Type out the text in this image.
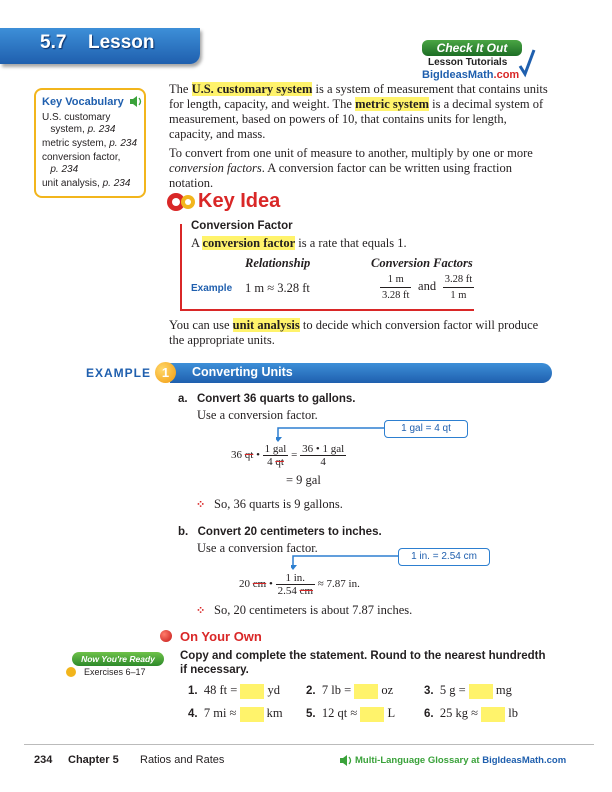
5.7 Lesson	Check It Out
Lesson Tutorials
BigIdeasMath.com
Key Vocabulary
U.S. customary
system, p. 234
metric system, p. 234
conversion factor,
p. 234
unit analysis, p. 234
The U.S. customary system is a system of measurement that contains units for length, capacity, and weight. The metric system is a decimal system of measurement, based on powers of 10, that contains units for length, capacity, and mass.
To convert from one unit of measure to another, multiply by one or more conversion factors. A conversion factor can be written using fraction notation.
Key Idea
Conversion Factor
A conversion factor is a rate that equals 1.
Relationship	Conversion Factors
Example 1 m ≈ 3.28 ft	$\frac{1 m}{3.28 ft}$ and $\frac{3.28 ft}{1 m}$
You can use unit analysis to decide which conversion factor will produce the appropriate units.
EXAMPLE	Converting Units
1
a. Convert 36 quarts to gallons.
Use a conversion factor.
1 gal = 4 qt
36 qt • $\frac{\text{1 gal}}{4 qt} = \frac{\text{36 • 1 gal}}{4}$
= 9 gal
⁘ So, 36 quarts is 9 gallons.
b. Convert 20 centimeters to inches.
Use a conversion factor.
1 in. = 2.54 cm
20 cm • $\frac{1 in.}{2.54 cm} \approx 7.87$ in.
⁘ So, 20 centimeters is about 7.87 inches.
On Your Own
Now You're Ready
Exercises 6–17
Copy and complete the statement. Round to the nearest hundredth
if necessary.
1. 48 ft = yd 2. 7 lb = oz	3. 5 g = mg
4. 7 mi ≈ km 5. 12 qt ≈ L	6. 25 kg ≈ lb
234 Chapter 5 Ratios and Rates	Multi-Language Glossary at BigIdeasMath.com
